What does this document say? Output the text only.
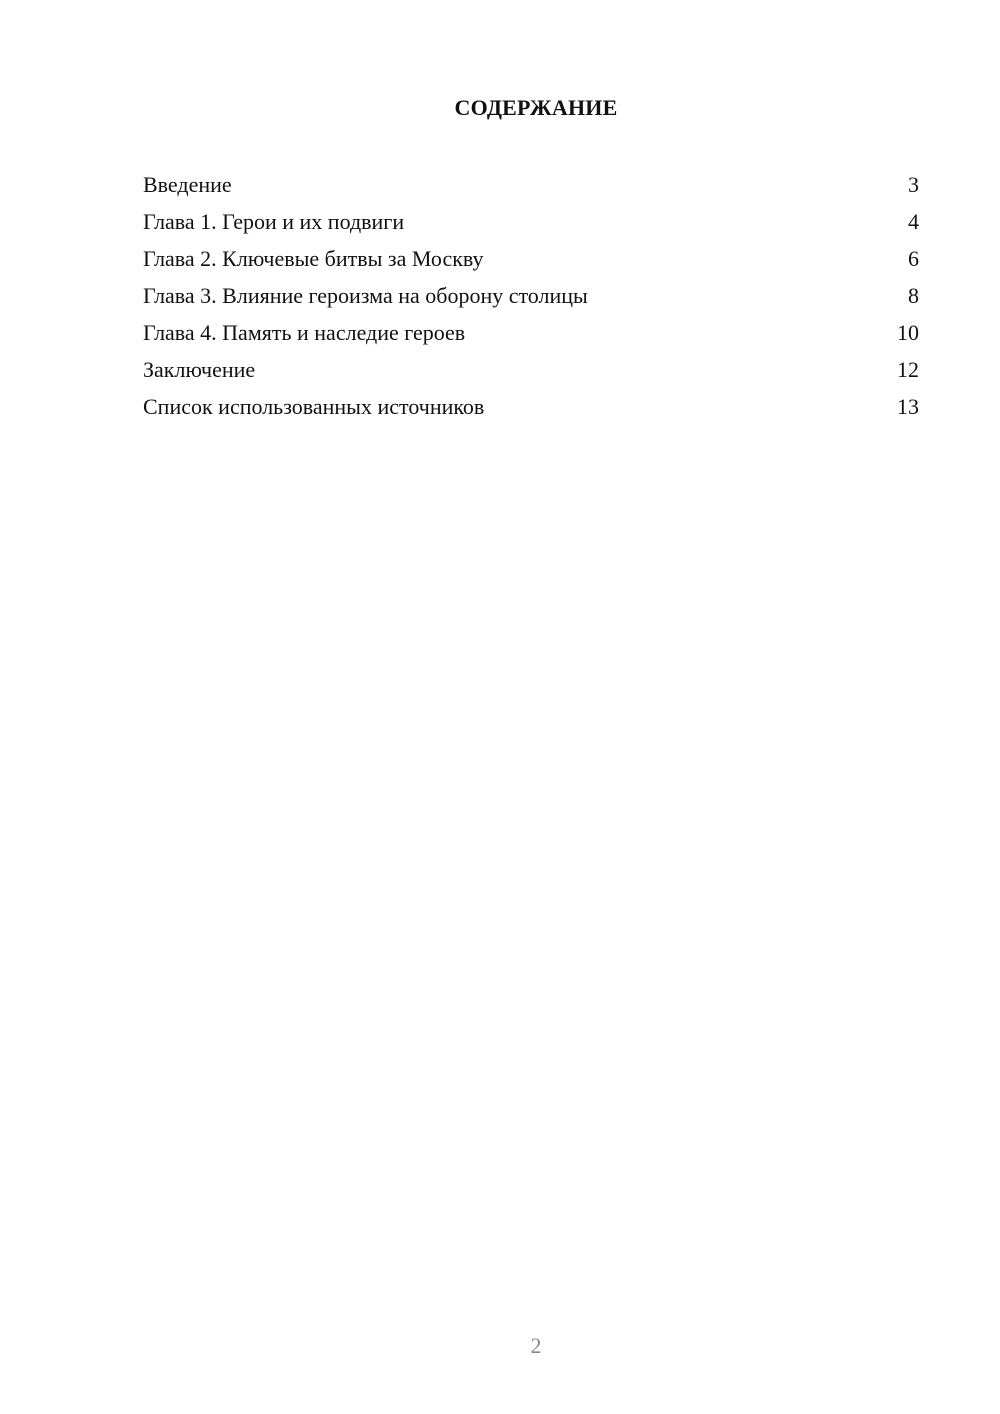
СОДЕРЖАНИЕ
Введение	3
Глава 1. Герои и их подвиги	4
Глава 2. Ключевые битвы за Москву	6
Глава 3. Влияние героизма на оборону столицы	8
Глава 4. Память и наследие героев	10
Заключение	12
Список использованных источников	13
2
